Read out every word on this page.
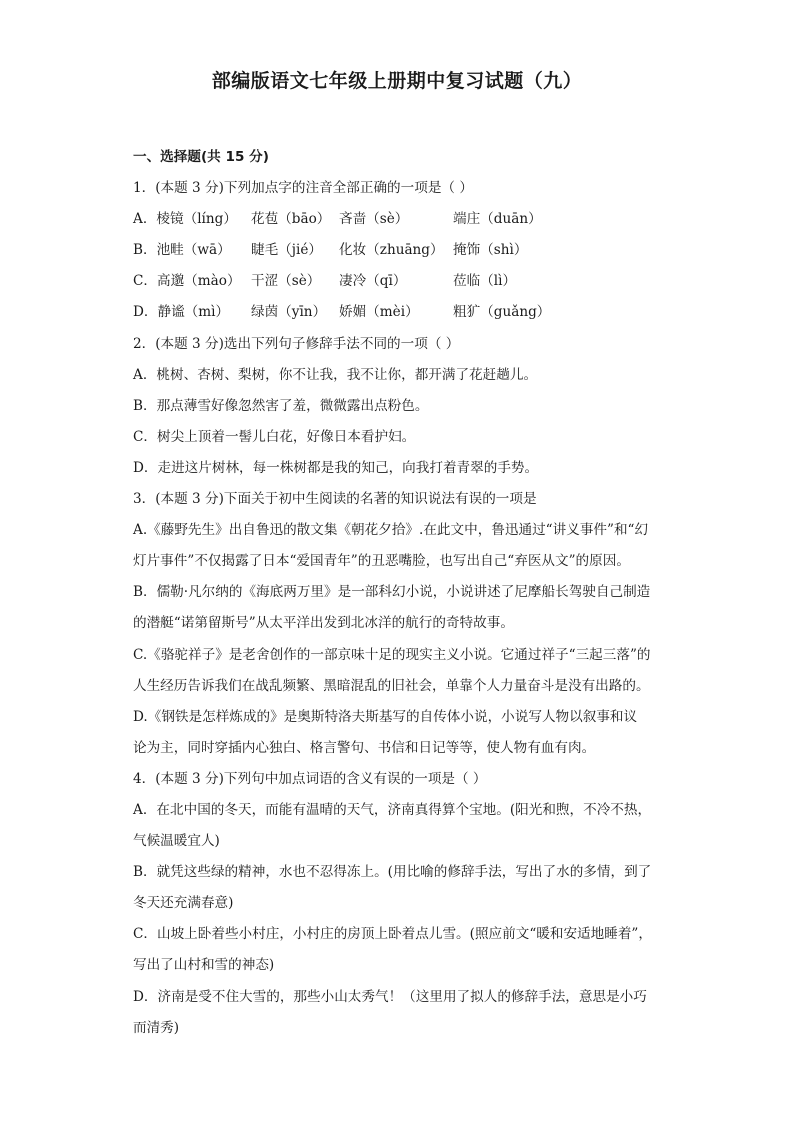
部编版语文七年级上册期中复习试题（九）
一、选择题(共 15 分)
1．(本题 3 分)下列加点字的注音全部正确的一项是（ ）
A．棱镜（líng） 花苞（bāo） 吝啬（sè）	端庄（duān）
B．池畦（wā） 睫毛（jié） 化妆（zhuāng） 掩饰（shì）
C．高邈（mào） 干涩（sè） 凄冷（qī）	莅临（lì）
D．静谧（mì） 绿茵（yīn） 娇媚（mèi）	粗犷（guǎng）
2．(本题 3 分)选出下列句子修辞手法不同的一项（ ）
A．桃树、杏树、梨树，你不让我，我不让你，都开满了花赶趟儿。
B．那点薄雪好像忽然害了羞，微微露出点粉色。
C．树尖上顶着一髻儿白花，好像日本看护妇。
D．走进这片树林，每一株树都是我的知己，向我打着青翠的手势。
3．(本题 3 分)下面关于初中生阅读的名著的知识说法有误的一项是
A.《藤野先生》出自鲁迅的散文集《朝花夕拾》.在此文中，鲁迅通过“讲义事件”和“幻
灯片事件”不仅揭露了日本“爱国青年”的丑恶嘴脸，也写出自己“弃医从文”的原因。
B．儒勒·凡尔纳的《海底两万里》是一部科幻小说，小说讲述了尼摩船长驾驶自己制造
的潜艇“诺第留斯号”从太平洋出发到北冰洋的航行的奇特故事。
C.《骆驼祥子》是老舍创作的一部京味十足的现实主义小说。它通过祥子“三起三落”的
人生经历告诉我们在战乱频繁、黑暗混乱的旧社会，单靠个人力量奋斗是没有出路的。
D.《钢铁是怎样炼成的》是奥斯特洛夫斯基写的自传体小说，小说写人物以叙事和议
论为主，同时穿插内心独白、格言警句、书信和日记等等，使人物有血有肉。
4．(本题 3 分)下列句中加点词语的含义有误的一项是（ ）
A．在北中国的冬天，而能有温晴的天气，济南真得算个宝地。(阳光和煦，不冷不热，
气候温暖宜人)
B．就凭这些绿的精神，水也不忍得冻上。(用比喻的修辞手法，写出了水的多情，到了
冬天还充满春意)
C．山坡上卧着些小村庄，小村庄的房顶上卧着点儿雪。(照应前文“暖和安适地睡着”，
写出了山村和雪的神态)
D．济南是受不住大雪的，那些小山太秀气！（这里用了拟人的修辞手法，意思是小巧
而清秀)
